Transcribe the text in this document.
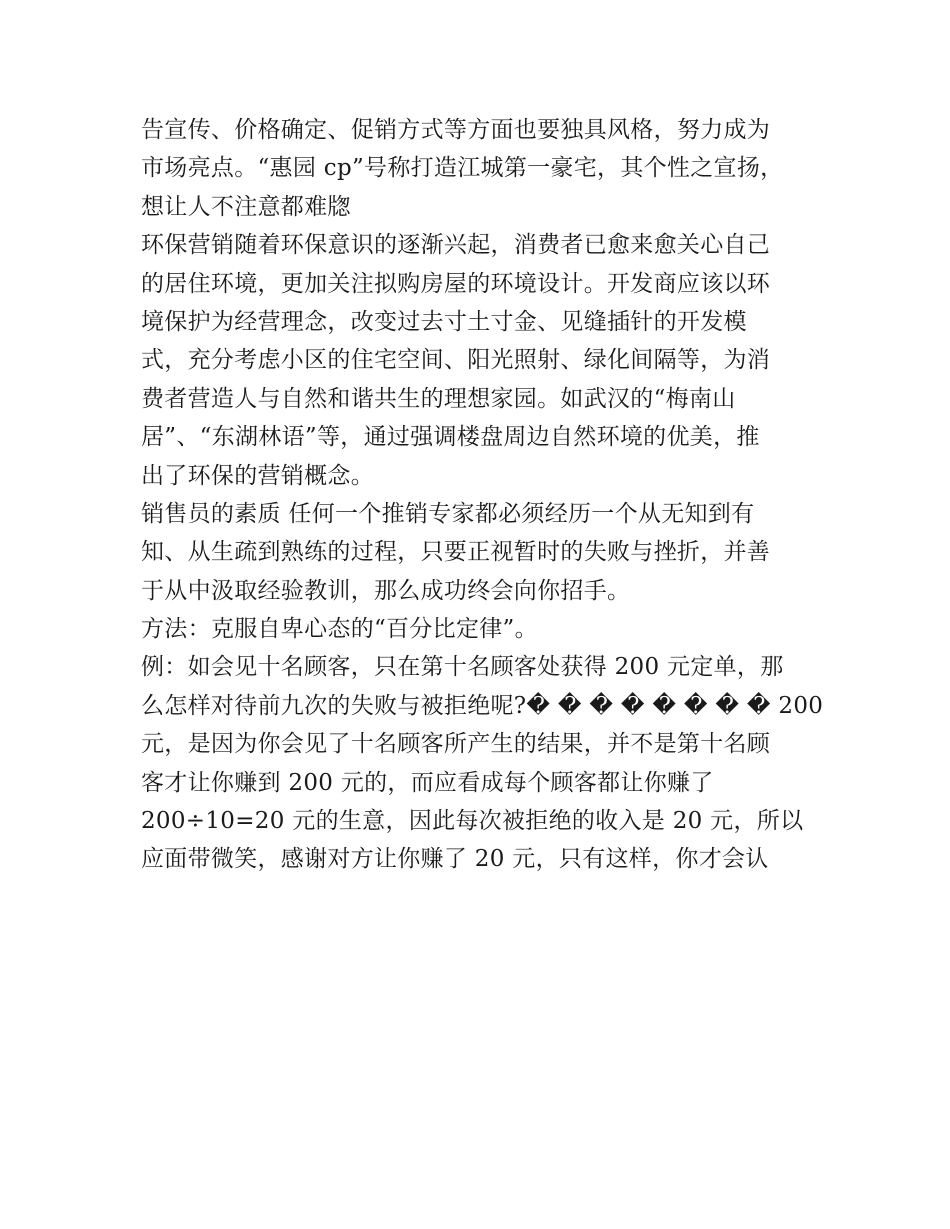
告宣传、价格确定、促销方式等方面也要独具风格，努力成为
市场亮点。“惠园 cp”号称打造江城第一豪宅，其个性之宣扬，
想让人不注意都难牎
环保营销随着环保意识的逐渐兴起，消费者已愈来愈关心自己
的居住环境，更加关注拟购房屋的环境设计。开发商应该以环
境保护为经营理念，改变过去寸土寸金、见缝插针的开发模
式，充分考虑小区的住宅空间、阳光照射、绿化间隔等，为消
费者营造人与自然和谐共生的理想家园。如武汉的“梅南山
居”、“东湖林语”等，通过强调楼盘周边自然环境的优美，推
出了环保的营销概念。
销售员的素质 任何一个推销专家都必须经历一个从无知到有
知、从生疏到熟练的过程，只要正视暂时的失败与挫折，并善
于从中汲取经验教训，那么成功终会向你招手。
方法：克服自卑心态的“百分比定律”。
例：如会见十名顾客，只在第十名顾客处获得 200 元定单，那
么怎样对待前九次的失败与被拒绝呢?� � � � � � � � 200
元，是因为你会见了十名顾客所产生的结果，并不是第十名顾
客才让你赚到 200 元的，而应看成每个顾客都让你赚了
200÷10=20 元的生意，因此每次被拒绝的收入是 20 元，所以
应面带微笑，感谢对方让你赚了 20 元，只有这样，你才会认
